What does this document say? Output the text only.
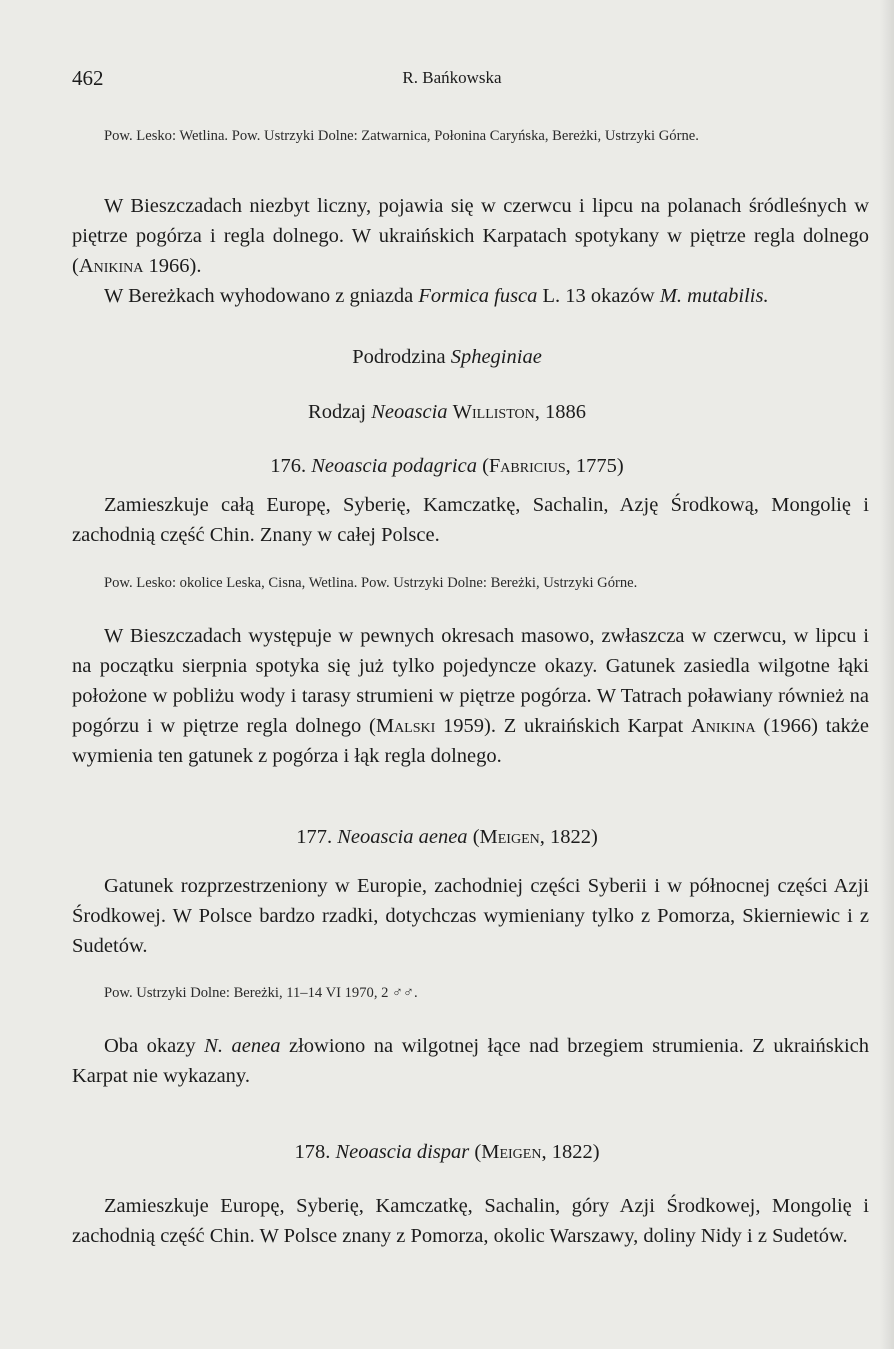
462	R. Bańkowska

Pow. Lesko: Wetlina. Pow. Ustrzyki Dolne: Zatwarnica, Połonina Caryńska, Bereżki, Ustrzyki Górne.

W Bieszczadach niezbyt liczny, pojawia się w czerwcu i lipcu na polanach śródleśnych w piętrze pogórza i regla dolnego. W ukraińskich Karpatach spotykany w piętrze regla dolnego (Anikina 1966).

W Bereżkach wyhodowano z gniazda Formica fusca L. 13 okazów M. mutabilis.

Podrodzina Spheginiae
Rodzaj Neoascia Williston, 1886
176. Neoascia podagrica (Fabricius, 1775)

Zamieszkuje całą Europę, Syberię, Kamczatkę, Sachalin, Azję Środkową, Mongolię i zachodnią część Chin. Znany w całej Polsce.

Pow. Lesko: okolice Leska, Cisna, Wetlina. Pow. Ustrzyki Dolne: Bereżki, Ustrzyki Górne.

W Bieszczadach występuje w pewnych okresach masowo, zwłaszcza w czerwcu, w lipcu i na początku sierpnia spotyka się już tylko pojedyncze okazy. Gatunek zasiedla wilgotne łąki położone w pobliżu wody i tarasy strumieni w piętrze pogórza. W Tatrach poławiany również na pogórzu i w piętrze regla dolnego (Malski 1959). Z ukraińskich Karpat Anikina (1966) także wymienia ten gatunek z pogórza i łąk regla dolnego.

177. Neoascia aenea (Meigen, 1822)

Gatunek rozprzestrzeniony w Europie, zachodniej części Syberii i w północnej części Azji Środkowej. W Polsce bardzo rzadki, dotychczas wymieniany tylko z Pomorza, Skierniewic i z Sudetów.

Pow. Ustrzyki Dolne: Bereżki, 11–14 VI 1970, 2 ♂♂.

Oba okazy N. aenea złowiono na wilgotnej łące nad brzegiem strumienia. Z ukraińskich Karpat nie wykazany.

178. Neoascia dispar (Meigen, 1822)

Zamieszkuje Europę, Syberię, Kamczatkę, Sachalin, góry Azji Środkowej, Mongolię i zachodnią część Chin. W Polsce znany z Pomorza, okolic Warszawy, doliny Nidy i z Sudetów.
